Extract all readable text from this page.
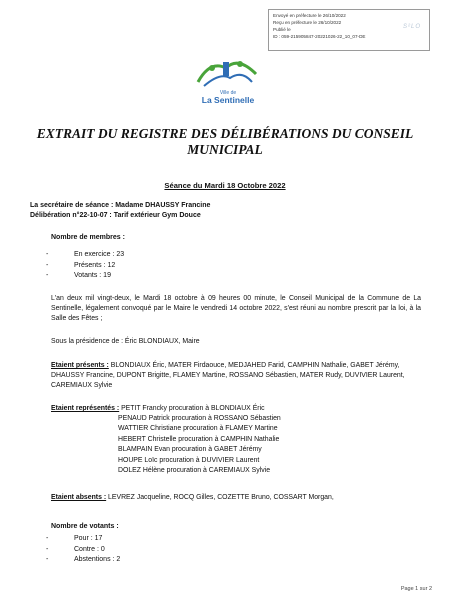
Envoyé en préfecture le 26/10/2022
Reçu en préfecture le 26/10/2022
Publié le
ID : 059-215905847-20221026-22_10_07-DE
S²LO
Ville de
La Sentinelle
EXTRAIT DU REGISTRE DES DÉLIBÉRATIONS DU CONSEIL MUNICIPAL
Séance du Mardi 18 Octobre 2022
La secrétaire de séance : Madame DHAUSSY Francine
Délibération n°22-10-07 : Tarif extérieur Gym Douce
Nombre de membres :
-	En exercice : 23
-	Présents : 12
-	Votants : 19
L'an deux mil vingt-deux, le Mardi 18 octobre à 09 heures 00 minute, le Conseil Municipal de la Commune de La Sentinelle, légalement convoqué par le Maire le vendredi 14 octobre 2022, s'est réuni au nombre prescrit par la loi, à la Salle des Fêtes ;
Sous la présidence de : Éric BLONDIAUX, Maire
Etaient présents : BLONDIAUX Éric, MATER Firdaouce, MEDJAHED Farid, CAMPHIN Nathalie, GABET Jérémy, DHAUSSY Francine, DUPONT Brigitte, FLAMEY Martine, ROSSANO Sébastien, MATER Rudy, DUVIVIER Laurent, CAREMIAUX Sylvie
Etaient représentés : PETIT Francky procuration à BLONDIAUX Éric
PENAUD Patrick procuration à ROSSANO Sébastien
WATTIER Christiane procuration à FLAMEY Martine
HEBERT Christelle procuration à CAMPHIN Nathalie
BLAMPAIN Evan procuration à GABET Jérémy
HOUPE Loïc procuration à DUVIVIER Laurent
DOLEZ Hélène procuration à CAREMIAUX Sylvie
Etaient absents : LEVREZ Jacqueline, ROCQ Gilles, COZETTE Bruno, COSSART Morgan,
Nombre de votants :
-	Pour : 17
-	Contre : 0
-	Abstentions : 2
Page 1 sur 2
